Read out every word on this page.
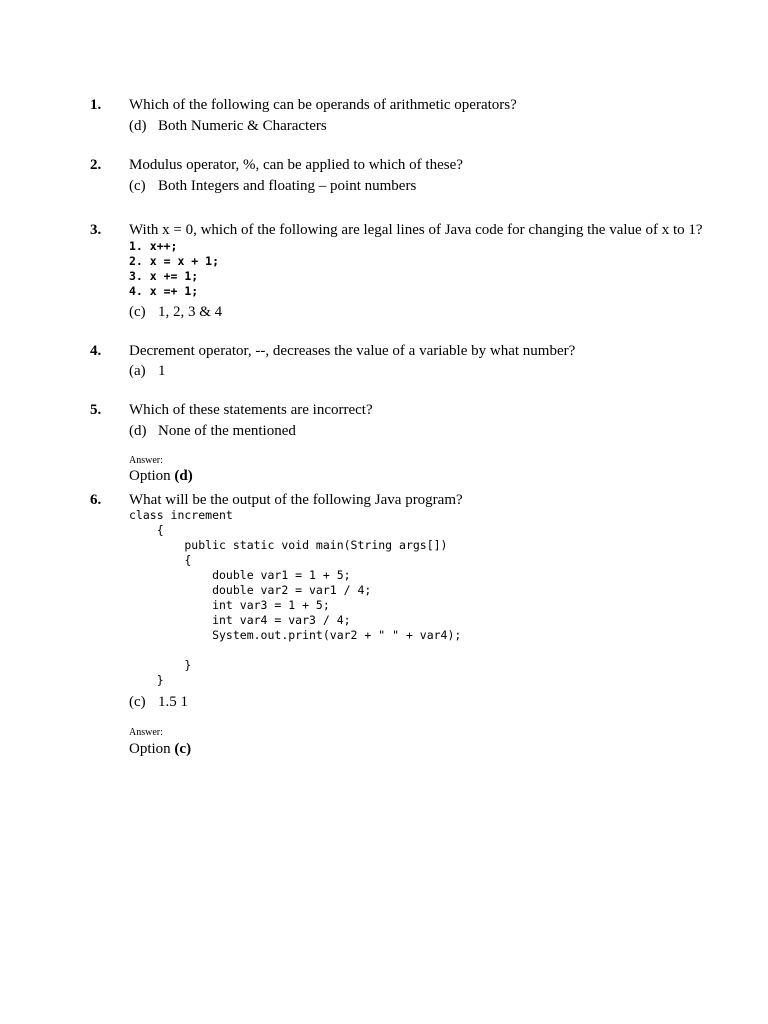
1. Which of the following can be operands of arithmetic operators?
(d) Both Numeric & Characters
2. Modulus operator, %, can be applied to which of these?
(c) Both Integers and floating – point numbers
3. With x = 0, which of the following are legal lines of Java code for changing the value of x to 1?
1. x++;
2. x = x + 1;
3. x += 1;
4. x =+ 1;
(c) 1, 2, 3 & 4
4. Decrement operator, --, decreases the value of a variable by what number?
(a) 1
5. Which of these statements are incorrect?
(d) None of the mentioned
Answer:
Option (d)
6. What will be the output of the following Java program?
class increment
{
public static void main(String args[])
{
double var1 = 1 + 5;
double var2 = var1 / 4;
int var3 = 1 + 5;
int var4 = var3 / 4;
System.out.print(var2 + " " + var4);
}
}
(c) 1.5 1
Answer:
Option (c)
